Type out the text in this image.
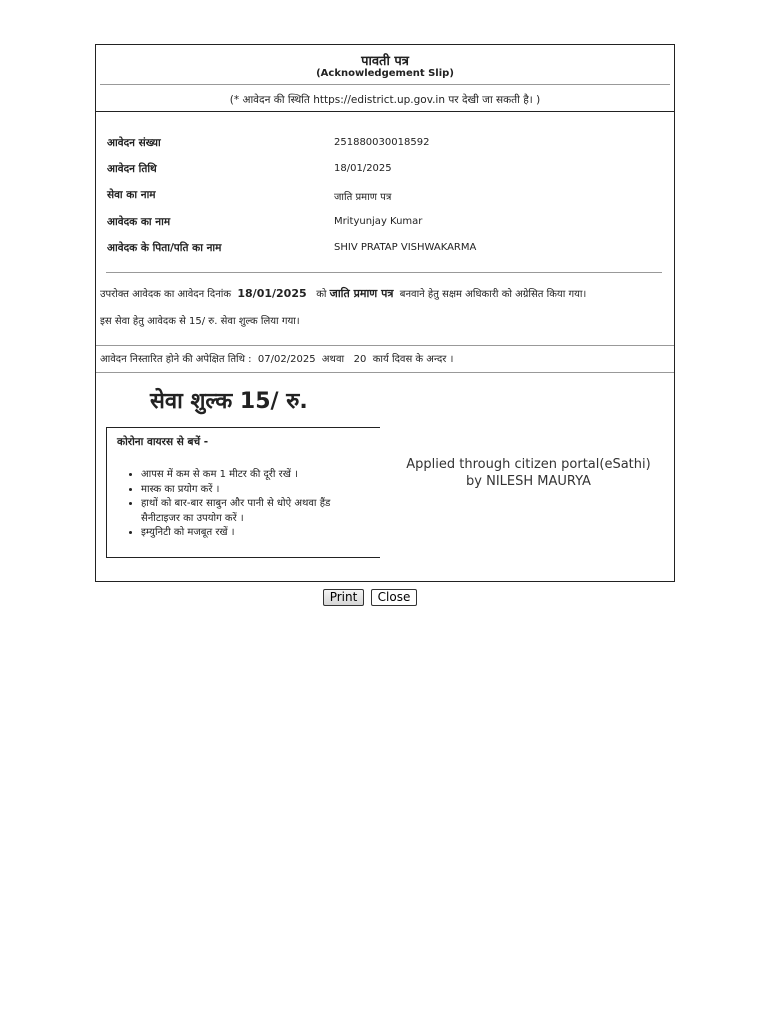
पावती पत्र
(Acknowledgement Slip)
(* आवेदन की स्थिति https://edistrict.up.gov.in पर देखी जा सकती है। )
आवेदन संख्या	251880030018592
आवेदन तिथि	18/01/2025
सेवा का नाम	जाति प्रमाण पत्र
आवेदक का नाम	Mrityunjay Kumar
आवेदक के पिता/पति का नाम	SHIV PRATAP VISHWAKARMA
उपरोक्त आवेदक का आवेदन दिनांक 18/01/2025 को जाति प्रमाण पत्र बनवाने हेतु सक्षम अधिकारी को अग्रेसित किया गया।
इस सेवा हेतु आवेदक से 15/ रु. सेवा शुल्क लिया गया।
आवेदन निस्तारित होने की अपेक्षित तिथि : 07/02/2025 अथवा 20 कार्य दिवस के अन्दर ।
सेवा शुल्क 15/ रु.
कोरोना वायरस से बचें -
• आपस में कम से कम 1 मीटर की दूरी रखें ।
• मास्क का प्रयोग करें ।
• हाथों को बार-बार साबुन और पानी से धोऐ अथवा हैंड सैनीटाइजर का उपयोग करें ।
• इम्युनिटी को मजबूत रखें ।
Applied through citizen portal(eSathi)
by NILESH MAURYA
Print	Close
